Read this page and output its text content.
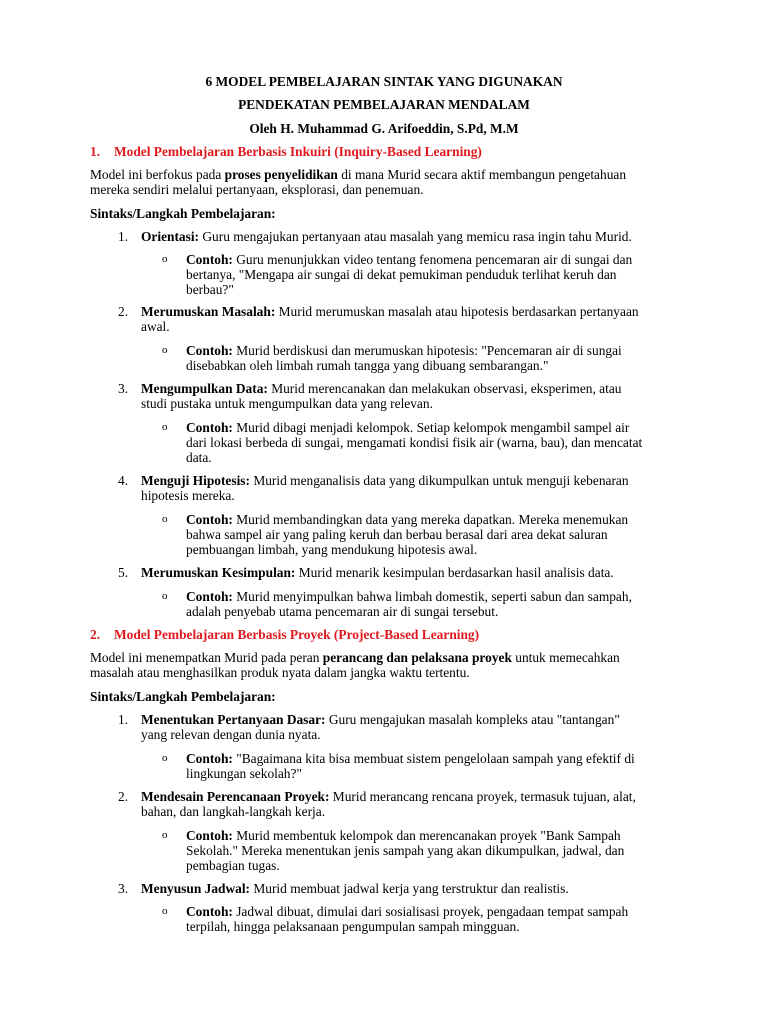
6 MODEL PEMBELAJARAN SINTAK YANG DIGUNAKAN
PENDEKATAN PEMBELAJARAN MENDALAM
Oleh H. Muhammad G. Arifoeddin, S.Pd, M.M
1. Model Pembelajaran Berbasis Inkuiri (Inquiry-Based Learning)
Model ini berfokus pada proses penyelidikan di mana Murid secara aktif membangun pengetahuan
mereka sendiri melalui pertanyaan, eksplorasi, dan penemuan.
Sintaks/Langkah Pembelajaran:
1. Orientasi: Guru mengajukan pertanyaan atau masalah yang memicu rasa ingin tahu Murid.
o Contoh: Guru menunjukkan video tentang fenomena pencemaran air di sungai dan
bertanya, "Mengapa air sungai di dekat pemukiman penduduk terlihat keruh dan
berbau?"
2. Merumuskan Masalah: Murid merumuskan masalah atau hipotesis berdasarkan pertanyaan
awal.
o Contoh: Murid berdiskusi dan merumuskan hipotesis: "Pencemaran air di sungai
disebabkan oleh limbah rumah tangga yang dibuang sembarangan."
3. Mengumpulkan Data: Murid merencanakan dan melakukan observasi, eksperimen, atau
studi pustaka untuk mengumpulkan data yang relevan.
o Contoh: Murid dibagi menjadi kelompok. Setiap kelompok mengambil sampel air
dari lokasi berbeda di sungai, mengamati kondisi fisik air (warna, bau), dan mencatat
data.
4. Menguji Hipotesis: Murid menganalisis data yang dikumpulkan untuk menguji kebenaran
hipotesis mereka.
o Contoh: Murid membandingkan data yang mereka dapatkan. Mereka menemukan
bahwa sampel air yang paling keruh dan berbau berasal dari area dekat saluran
pembuangan limbah, yang mendukung hipotesis awal.
5. Merumuskan Kesimpulan: Murid menarik kesimpulan berdasarkan hasil analisis data.
o Contoh: Murid menyimpulkan bahwa limbah domestik, seperti sabun dan sampah,
adalah penyebab utama pencemaran air di sungai tersebut.
2. Model Pembelajaran Berbasis Proyek (Project-Based Learning)
Model ini menempatkan Murid pada peran perancang dan pelaksana proyek untuk memecahkan
masalah atau menghasilkan produk nyata dalam jangka waktu tertentu.
Sintaks/Langkah Pembelajaran:
1. Menentukan Pertanyaan Dasar: Guru mengajukan masalah kompleks atau "tantangan"
yang relevan dengan dunia nyata.
o Contoh: "Bagaimana kita bisa membuat sistem pengelolaan sampah yang efektif di
lingkungan sekolah?"
2. Mendesain Perencanaan Proyek: Murid merancang rencana proyek, termasuk tujuan, alat,
bahan, dan langkah-langkah kerja.
o Contoh: Murid membentuk kelompok dan merencanakan proyek "Bank Sampah
Sekolah." Mereka menentukan jenis sampah yang akan dikumpulkan, jadwal, dan
pembagian tugas.
3. Menyusun Jadwal: Murid membuat jadwal kerja yang terstruktur dan realistis.
o Contoh: Jadwal dibuat, dimulai dari sosialisasi proyek, pengadaan tempat sampah
terpilah, hingga pelaksanaan pengumpulan sampah mingguan.
